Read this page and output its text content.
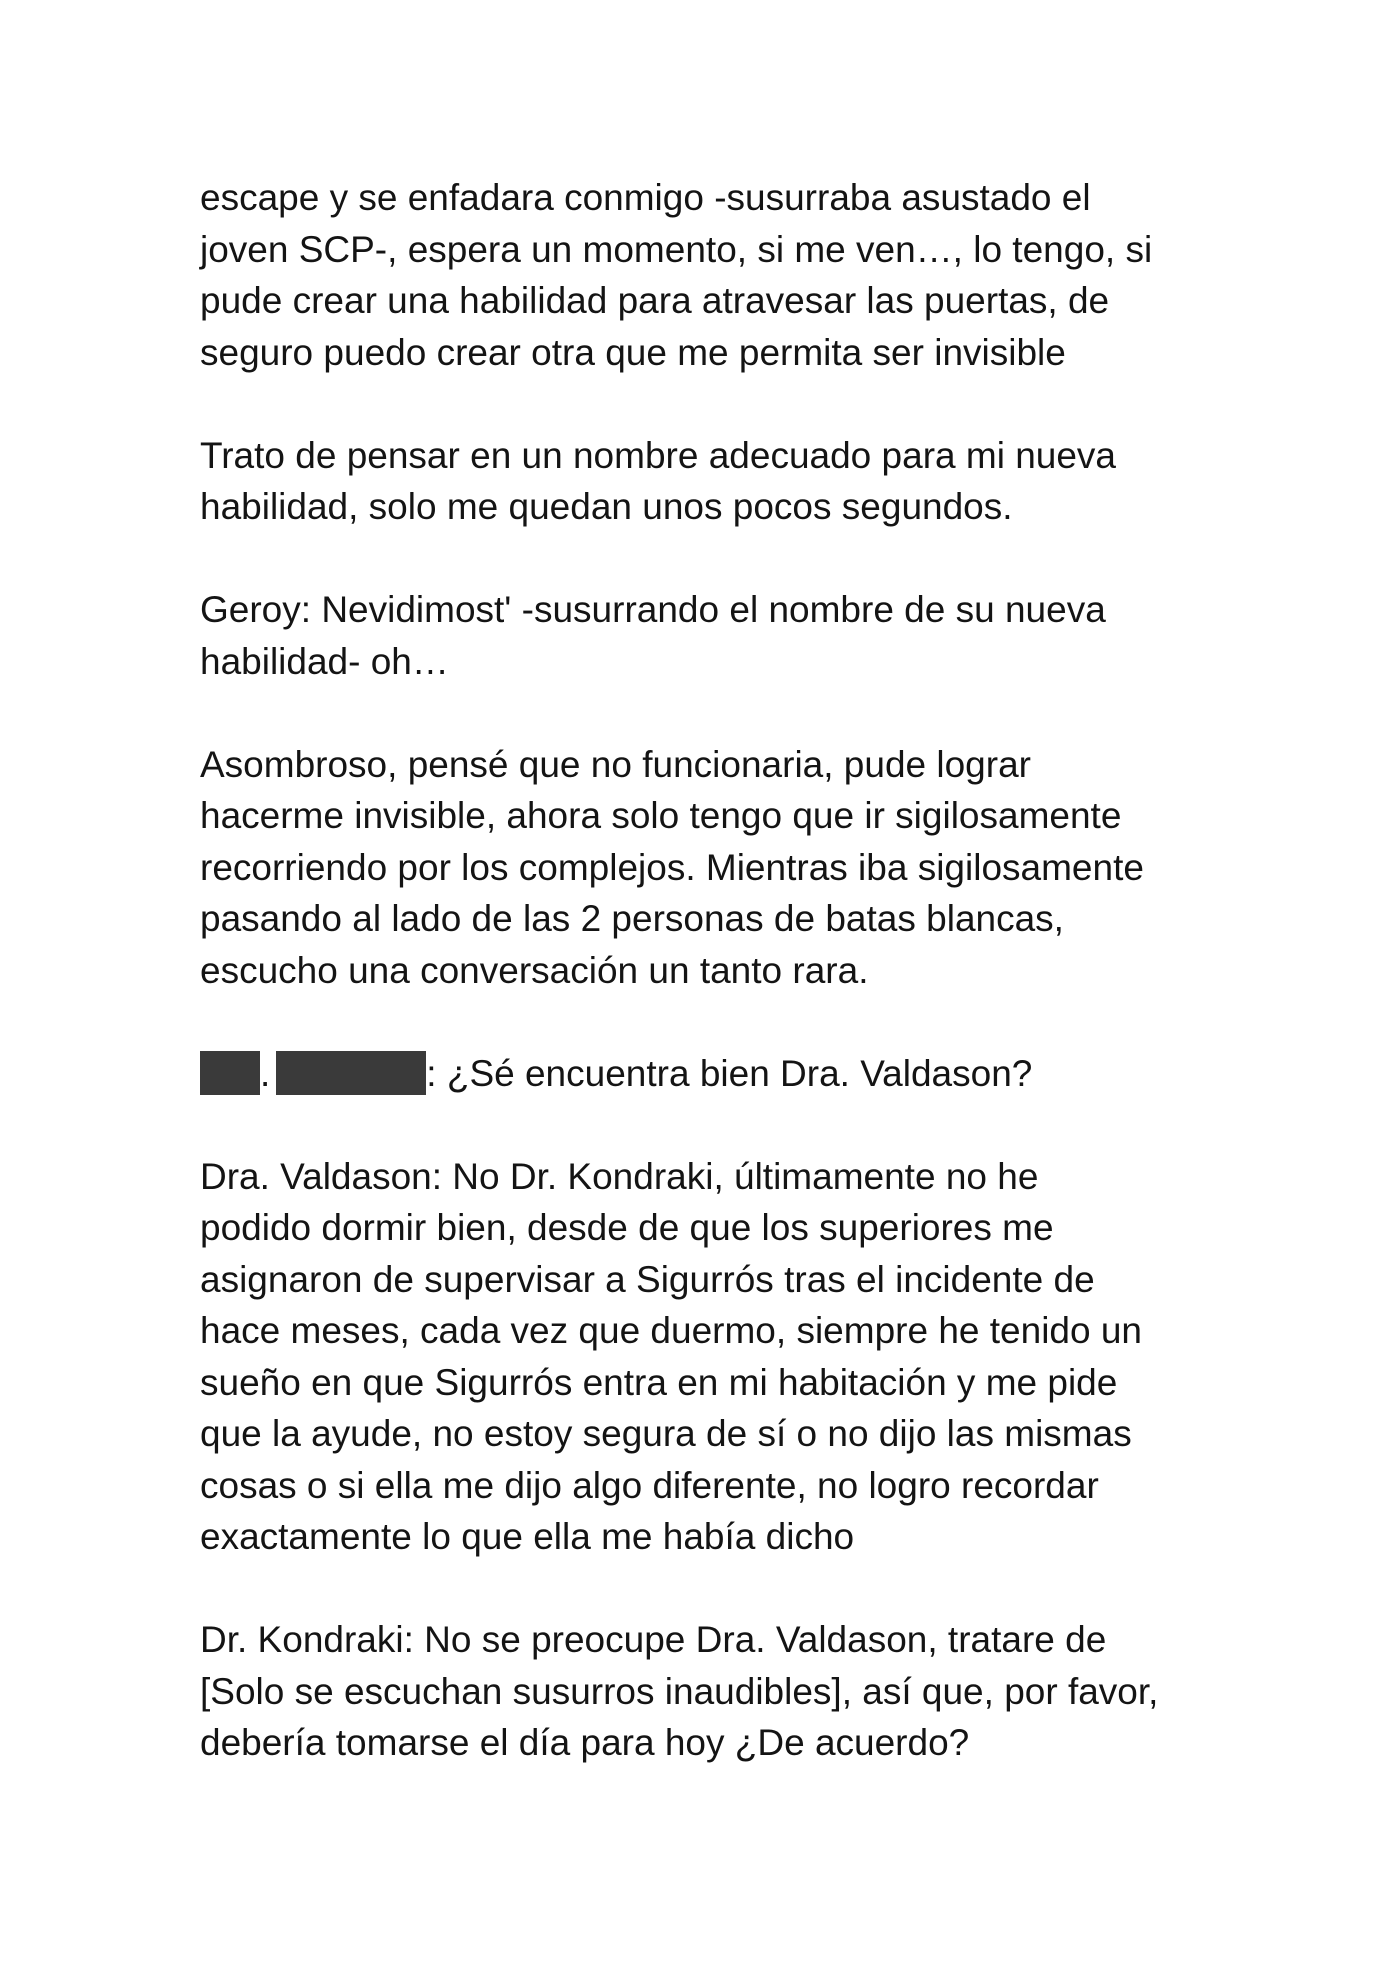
escape y se enfadara conmigo -susurraba asustado el
joven SCP-, espera un momento, si me ven…, lo tengo, si
pude crear una habilidad para atravesar las puertas, de
seguro puedo crear otra que me permita ser invisible

Trato de pensar en un nombre adecuado para mi nueva
habilidad, solo me quedan unos pocos segundos.

Geroy: Nevidimost' -susurrando el nombre de su nueva
habilidad- oh…

Asombroso, pensé que no funcionaria, pude lograr
hacerme invisible, ahora solo tengo que ir sigilosamente
recorriendo por los complejos. Mientras iba sigilosamente
pasando al lado de las 2 personas de batas blancas,
escucho una conversación un tanto rara.

.	: ¿Sé encuentra bien Dra. Valdason?

Dra. Valdason: No Dr. Kondraki, últimamente no he
podido dormir bien, desde de que los superiores me
asignaron de supervisar a Sigurrós tras el incidente de
hace meses, cada vez que duermo, siempre he tenido un
sueño en que Sigurrós entra en mi habitación y me pide
que la ayude, no estoy segura de sí o no dijo las mismas
cosas o si ella me dijo algo diferente, no logro recordar
exactamente lo que ella me había dicho

Dr. Kondraki: No se preocupe Dra. Valdason, tratare de
[Solo se escuchan susurros inaudibles], así que, por favor,
debería tomarse el día para hoy ¿De acuerdo?
